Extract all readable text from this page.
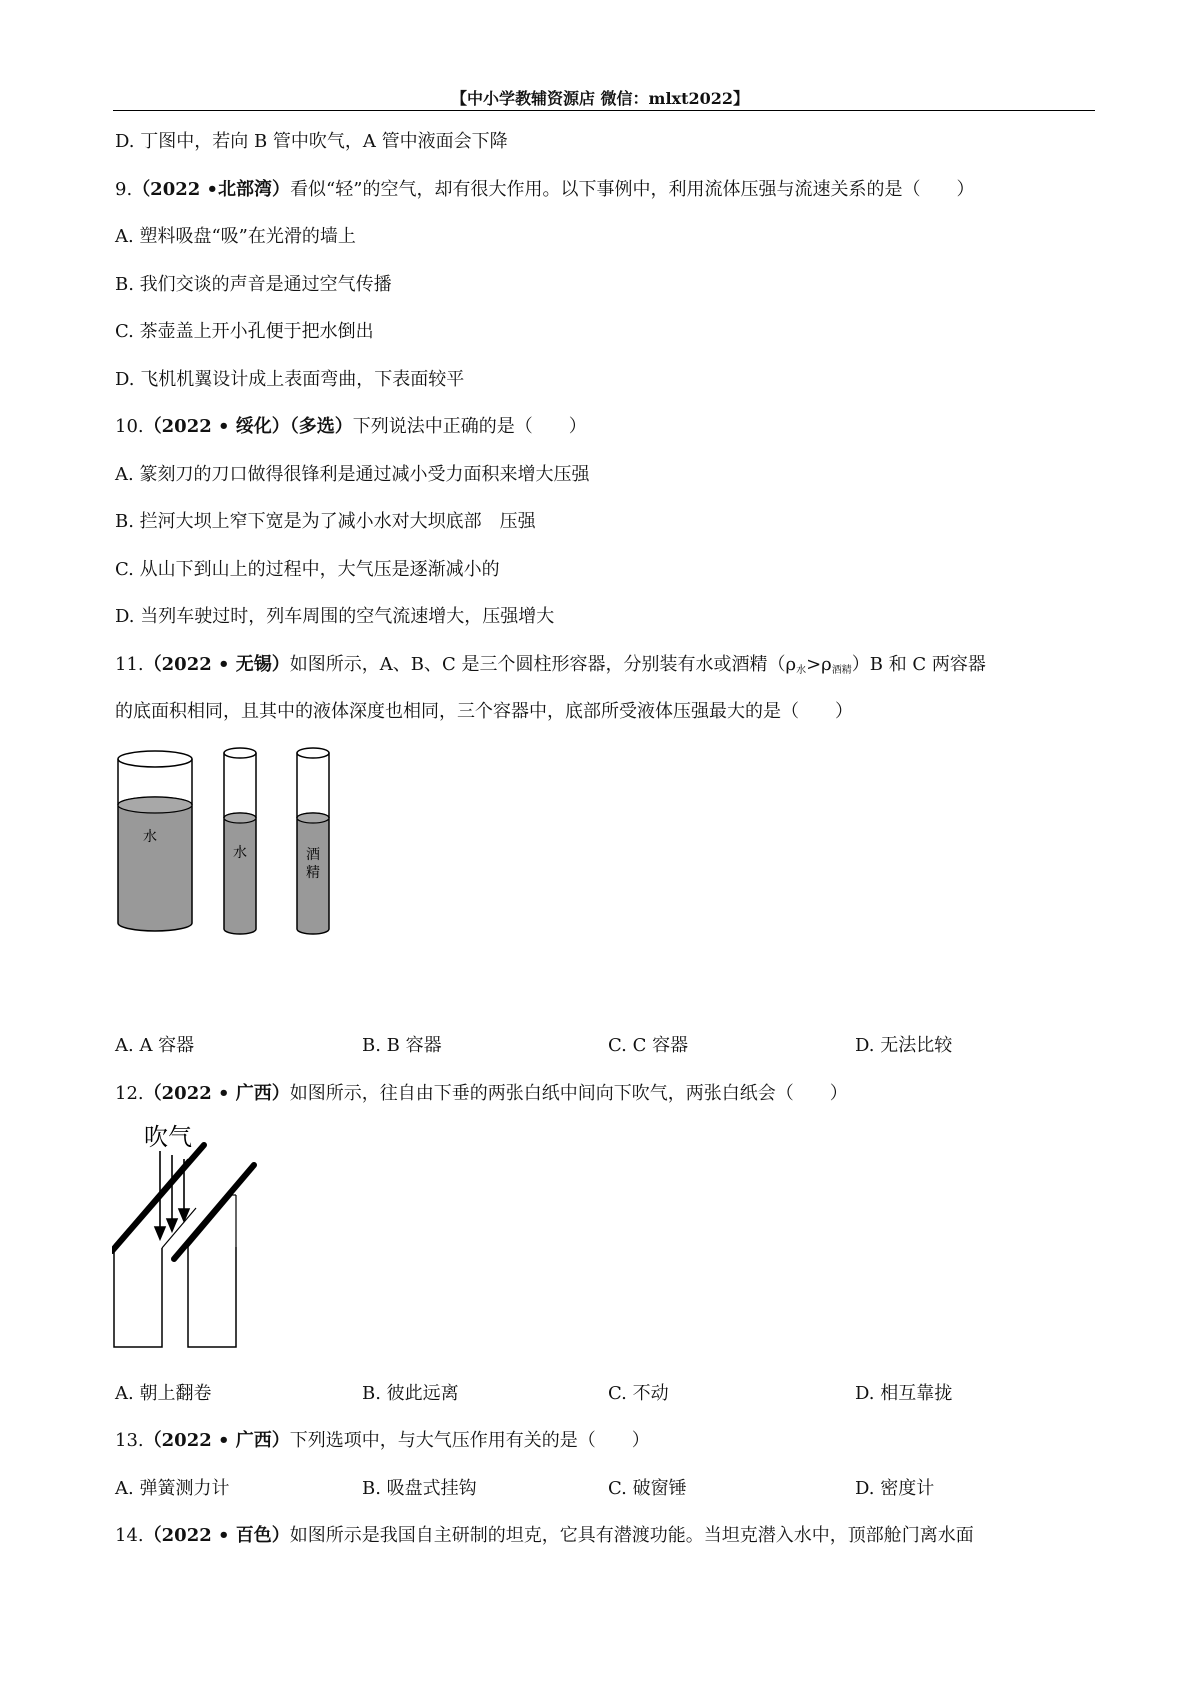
【中小学教辅资源店 微信：mlxt2022】
D. 丁图中，若向 B 管中吹气，A 管中液面会下降
9.（2022 •北部湾）看似“轻”的空气，却有很大作用。以下事例中，利用流体压强与流速关系的是（　　）
A. 塑料吸盘“吸”在光滑的墙上
B. 我们交谈的声音是通过空气传播
C. 茶壶盖上开小孔便于把水倒出
D. 飞机机翼设计成上表面弯曲，下表面较平
10.（2022 • 绥化）（多选）下列说法中正确的是（　　）
A. 篆刻刀的刀口做得很锋利是通过减小受力面积来增大压强
B. 拦河大坝上窄下宽是为了减小水对大坝底部　压强
C. 从山下到山上的过程中，大气压是逐渐减小的
D. 当列车驶过时，列车周围的空气流速增大，压强增大
11.（2022 • 无锡）如图所示，A、B、C 是三个圆柱形容器，分别装有水或酒精$(\rho_水>\rho_{酒精})B$ 和 C 两容器
的底面积相同，且其中的液体深度也相同，三个容器中，底部所受液体压强最大的是（　　）
水
水	酒
精
A. A 容器	B. B 容器	C. C 容器	D. 无法比较
12.（2022 • 广西）如图所示，往自由下垂的两张白纸中间向下吹气，两张白纸会（　　）
吹气
A. 朝上翻卷	B. 彼此远离	C. 不动	D. 相互靠拢
13.（2022 • 广西）下列选项中，与大气压作用有关的是（　　）
A. 弹簧测力计	B. 吸盘式挂钩	C. 破窗锤	D. 密度计
14.（2022 • 百色）如图所示是我国自主研制的坦克，它具有潜渡功能。当坦克潜入水中，顶部舱门离水面
